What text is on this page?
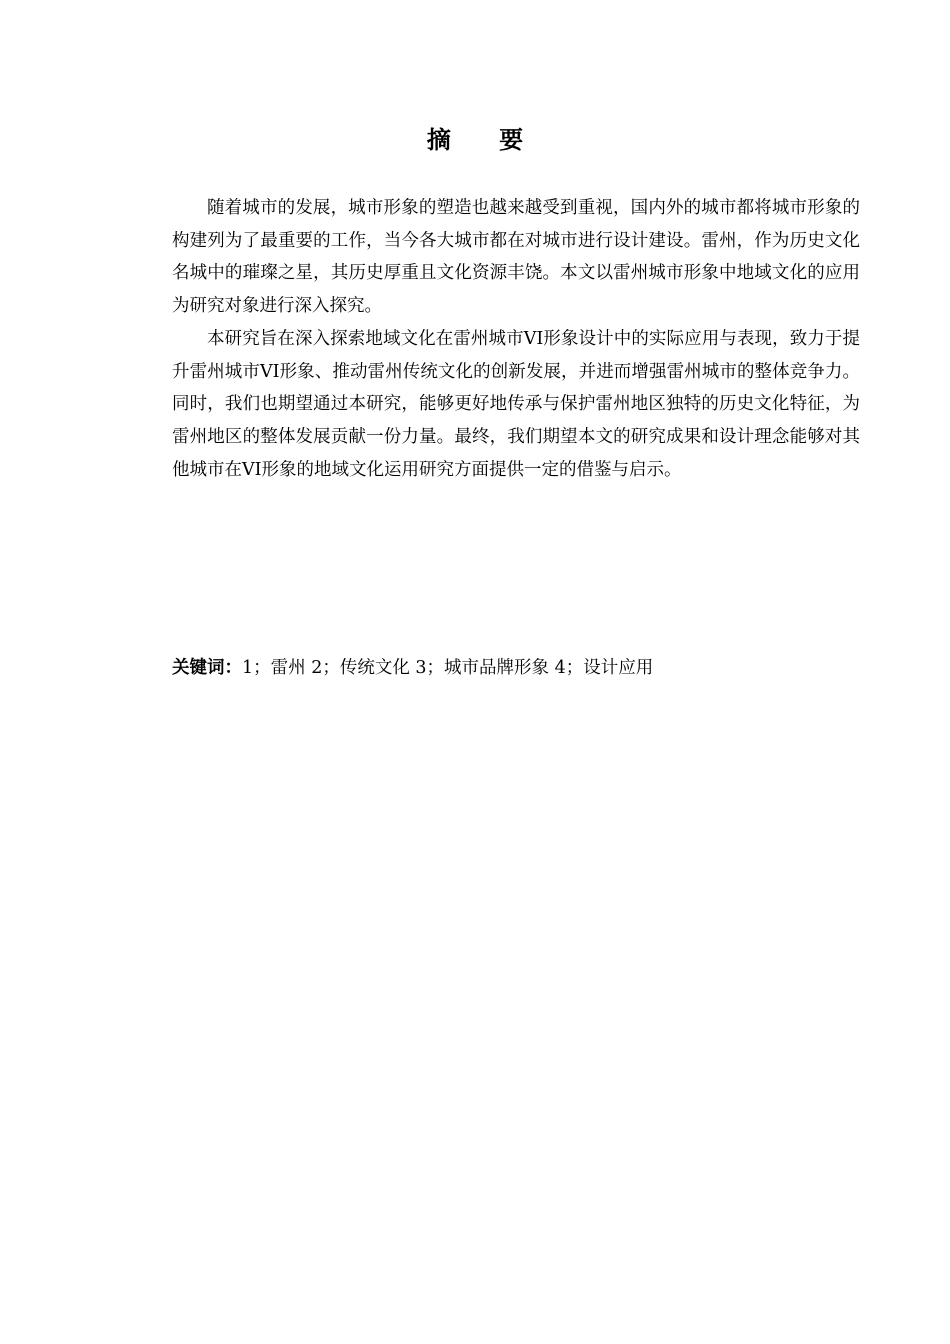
摘 要

随着城市的发展，城市形象的塑造也越来越受到重视，国内外的城市都将城市形象的构建列为了最重要的工作，当今各大城市都在对城市进行设计建设。雷州，作为历史文化名城中的璀璨之星，其历史厚重且文化资源丰饶。本文以雷州城市形象中地域文化的应用为研究对象进行深入探究。

本研究旨在深入探索地域文化在雷州城市VI形象设计中的实际应用与表现，致力于提升雷州城市VI形象、推动雷州传统文化的创新发展，并进而增强雷州城市的整体竞争力。同时，我们也期望通过本研究，能够更好地传承与保护雷州地区独特的历史文化特征，为雷州地区的整体发展贡献一份力量。最终，我们期望本文的研究成果和设计理念能够对其他城市在VI形象的地域文化运用研究方面提供一定的借鉴与启示。

关键词：1；雷州 2；传统文化 3；城市品牌形象 4；设计应用
